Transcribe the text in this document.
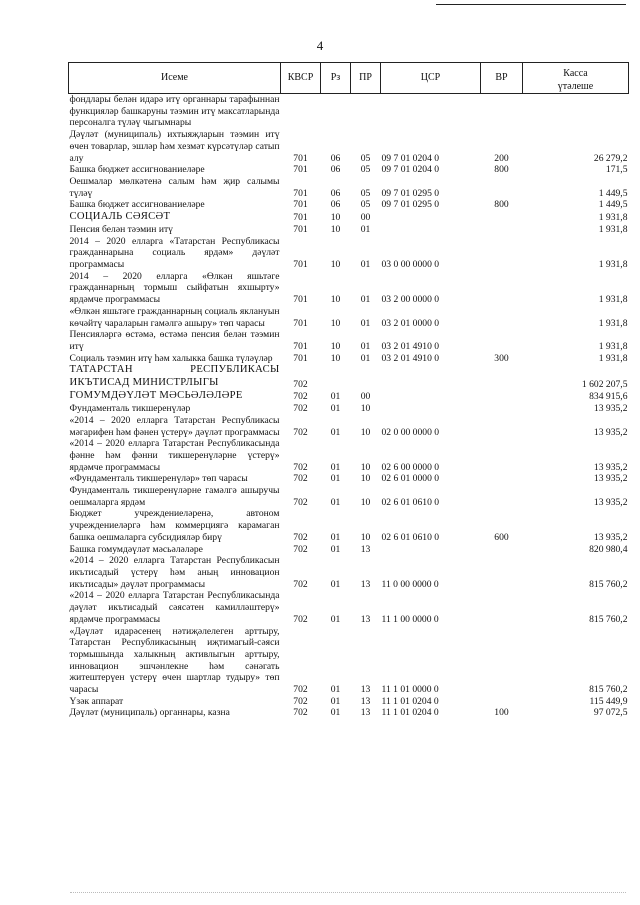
4
Исеме	КВСР	Рз	ПР	ЦСР	ВР	Касса
үтәлеше
фондлары белән идарә итү органнары тарафыннан функцияләр башкаруны тәэмин итү максатларында персоналга түләү чыгымнары						
Дәүләт (муниципаль) ихтыяҗларын тәэмин итү өчен товарлар, эшләр һәм хезмәт күрсәтүләр сатып алу	701	06	05	09 7 01 0204 0	200	26 279,2
Башка бюджет ассигнованиеләре	701	06	05	09 7 01 0204 0	800	171,5
Оешмалар мөлкәтенә салым һәм җир салымы түләү	701	06	05	09 7 01 0295 0		1 449,5
Башка бюджет ассигнованиеләре	701	06	05	09 7 01 0295 0	800	1 449,5
СОЦИАЛЬ СӘЯСӘТ	701	10	00			1 931,8
Пенсия белән тәэмин итү	701	10	01			1 931,8
2014 – 2020 елларга «Татарстан Республикасы гражданнарына социаль ярдәм» дәүләт программасы	701	10	01	03 0 00 0000 0		1 931,8
2014 – 2020 елларга «Өлкән яшьтәге гражданнарның тормыш сыйфатын яхшырту» ярдәмче программасы	701	10	01	03 2 00 0000 0		1 931,8
«Өлкән яшьтәге гражданнарның социаль яклануын көчәйтү чараларын гамәлгә ашыру» төп чарасы	701	10	01	03 2 01 0000 0		1 931,8
Пенсияләргә өстәмә, өстәмә пенсия белән тәэмин итү	701	10	01	03 2 01 4910 0		1 931,8
Социаль тәэмин итү һәм халыкка башка түләүләр	701	10	01	03 2 01 4910 0	300	1 931,8
ТАТАРСТАН РЕСПУБЛИКАСЫ ИКЪТИСАД МИНИСТРЛЫГЫ	702					1 602 207,5
ГОМУМДӘҮЛӘТ МӘСЬӘЛӘЛӘРЕ	702	01	00			834 915,6
Фундаменталь тикшеренүләр	702	01	10			13 935,2
«2014 – 2020 елларга Татарстан Республикасы мәгарифен һәм фәнен үстерү» дәүләт программасы	702	01	10	02 0 00 0000 0		13 935,2
«2014 – 2020 елларга Татарстан Республикасында фәнне һәм фәнни тикшеренүләрне үстерү» ярдәмче программасы	702	01	10	02 6 00 0000 0		13 935,2
«Фундаменталь тикшеренүләр» төп чарасы	702	01	10	02 6 01 0000 0		13 935,2
Фундаменталь тикшеренүләрне гамәлгә ашыручы оешмаларга ярдәм	702	01	10	02 6 01 0610 0		13 935,2
Бюджет учреждениеләренә, автоном учреждениеләргә һәм коммерциягә карамаган башка оешмаларга субсидияләр бирү	702	01	10	02 6 01 0610 0	600	13 935,2
Башка гомумдәүләт мәсьәләләре	702	01	13			820 980,4
«2014 – 2020 елларга Татарстан Республикасын икътисадый үстерү һәм аның инновацион икътисады» дәүләт программасы	702	01	13	11 0 00 0000 0		815 760,2
«2014 – 2020 елларга Татарстан Республикасында дәүләт икътисадый сәясәтен камилләштерү» ярдәмче программасы	702	01	13	11 1 00 0000 0		815 760,2
«Дәүләт идарәсенең нәтиҗәлелеген арттыру, Татарстан Республикасының иҗтимагый-сәяси тормышында халыкның активлыгын арттыру, инновацион эшчәнлекне һәм сәнәгать житештерүен үстерү өчен шартлар тудыру» төп чарасы	702	01	13	11 1 01 0000 0		815 760,2
Үзәк аппарат	702	01	13	11 1 01 0204 0		115 449,9
Дәүләт (муниципаль) органнары, казна	702	01	13	11 1 01 0204 0	100	97 072,5
